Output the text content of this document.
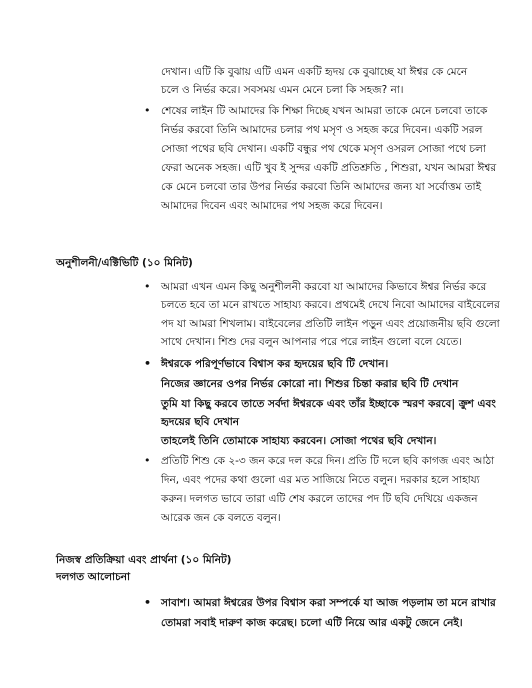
দেখান। এটি কি বুঝায় এটি এমন একটি হৃদয় কে বুঝাচ্ছে যা ঈশ্বর কে মেনে
চলে ও নির্ভর করে। সবসময় এমন মেনে চলা কি সহজ? না।
• শেষের লাইন টি আমাদের কি শিক্ষা দিচ্ছে যখন আমরা তাকে মেনে চলবো তাকে
নির্ভর করবো তিনি আমাদের চলার পথ মসৃণ ও সহজ করে দিবেন। একটি সরল
সোজা পথের ছবি দেখান। একটি বন্ধুর পথ থেকে মসৃণ ওসরল সোজা পথে চলা
ফেরা অনেক সহজ। এটি খুব ই সুন্দর একটি প্রতিশ্রুতি , শিশুরা, যখন আমরা ঈশ্বর
কে মেনে চলবো তার উপর নির্ভর করবো তিনি আমাদের জন্য যা সর্বোত্তম তাই
আমাদের দিবেন এবং আমাদের পথ সহজ করে দিবেন।
অনুশীলনী/এক্টিভিটি (১০ মিনিট)
• আমরা এখন এমন কিছু অনুশীলনী করবো যা আমাদের কিভাবে ঈশ্বর নির্ভর করে
চলতে হবে তা মনে রাখতে সাহায্য করবে। প্রথমেই দেখে নিবো আমাদের বাইবেলের
পদ যা আমরা শিখলাম। বাইবেলের প্রতিটি লাইন পড়ুন এবং প্রয়োজনীয় ছবি গুলো
সাথে দেখান। শিশু দের বলুন আপনার পরে পরে লাইন গুলো বলে যেতে।
• ঈশ্বরকে পরিপূর্ণভাবে বিশ্বাস কর হৃদয়ের ছবি টি দেখান।
নিজের জ্ঞানের ওপর নির্ভর কোরো না। শিশুর চিন্তা করার ছবি টি দেখান
তুমি যা কিছু করবে তাতে সর্বদা ঈশ্বরকে এবং তাঁর ইচ্ছাকে স্মরণ করবে| ক্রুশ এবং
হৃদয়ের ছবি দেখান
তাহলেই তিনি তোমাকে সাহায্য করবেন। সোজা পথের ছবি দেখান।
• প্রতিটি শিশু কে ২-৩ জন করে দল করে দিন। প্রতি টি দলে ছবি কাগজ এবং আঠা
দিন, এবং পদের কথা গুলো এর মত সাজিয়ে নিতে বলুন। দরকার হলে সাহায্য
করুন। দলগত ভাবে তারা এটি শেষ করলে তাদের পদ টি ছবি দেখিয়ে একজন
আরেক জন কে বলতে বলুন।
নিজস্ব প্রতিক্রিয়া এবং প্রার্থনা (১০ মিনিট)
দলগত আলোচনা
• সাবাশ। আমরা ঈশ্বরের উপর বিশ্বাস করা সম্পর্কে যা আজ পড়লাম তা মনে রাখার
তোমরা সবাই দারুণ কাজ করেছ। চলো এটি নিয়ে আর একটু জেনে নেই।
